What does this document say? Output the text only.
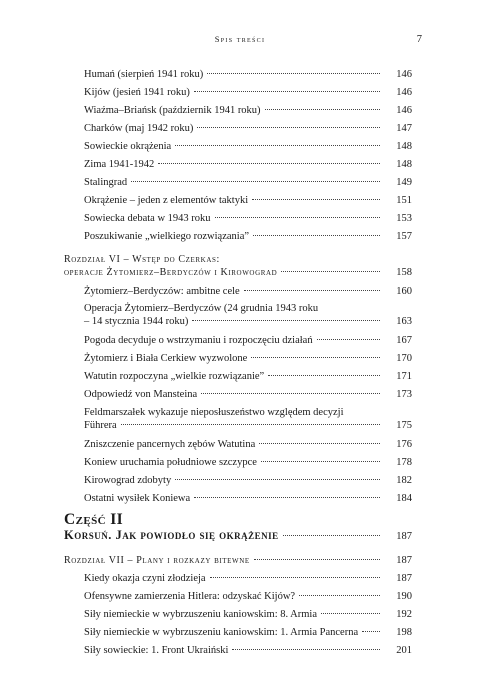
Spis treści	7
Humań (sierpień 1941 roku)	146
Kijów (jesień 1941 roku)	146
Wiaźma–Briańsk (październik 1941 roku)	146
Charków (maj 1942 roku)	147
Sowieckie okrążenia	148
Zima 1941-1942	148
Stalingrad	149
Okrążenie – jeden z elementów taktyki	151
Sowiecka debata w 1943 roku	153
Poszukiwanie „wielkiego rozwiązania”	157
Rozdział VI – Wstęp do Czerkas:
operacje Żytomierz–Berdyczów i Kirowograd	158
Żytomierz–Berdyczów: ambitne cele	160
Operacja Żytomierz–Berdyczów (24 grudnia 1943 roku
– 14 stycznia 1944 roku)	163
Pogoda decyduje o wstrzymaniu i rozpoczęciu działań	167
Żytomierz i Biała Cerkiew wyzwolone	170
Watutin rozpoczyna „wielkie rozwiązanie”	171
Odpowiedź von Mansteina	173
Feldmarszałek wykazuje nieposłuszeństwo względem decyzji
Führera	175
Zniszczenie pancernych zębów Watutina	176
Koniew uruchamia południowe szczypce	178
Kirowograd zdobyty	182
Ostatni wysiłek Koniewa	184
Część II
Korsuń. Jak powiodło się okrążenie	187
Rozdział VII – Plany i rozkazy bitewne	187
Kiedy okazja czyni złodzieja	187
Ofensywne zamierzenia Hitlera: odzyskać Kijów?	190
Siły niemieckie w wybrzuszeniu kaniowskim: 8. Armia	192
Siły niemieckie w wybrzuszeniu kaniowskim: 1. Armia Pancerna	198
Siły sowieckie: 1. Front Ukraiński	201
